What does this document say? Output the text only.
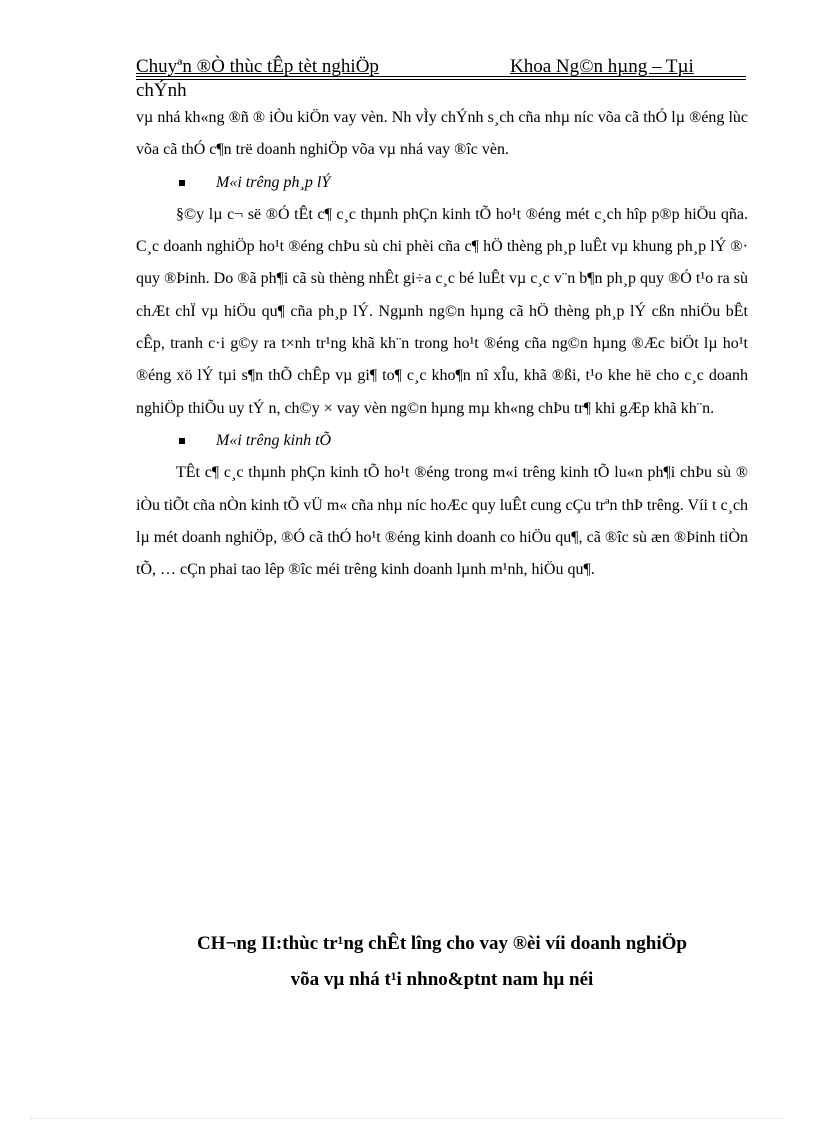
Chuyªn ®Ò thùc tÊp tèt nghiÖp	Khoa Ng©n hµng – Tµi
chÝnh

vµ nhá kh«ng ®ñ ® iÒu kiÖn vay vèn. Nh vÌy chÝnh s¸ch cña nhµ níc võa cã thÓ lµ ®éng lùc võa cã thÓ c¶n trë doanh nghiÖp võa vµ nhá vay ®îc vèn.

M«i trêng ph¸p lÝ

§©y lµ c¬ së ®Ó tÊt c¶ c¸c thµnh phÇn kinh tÕ ho¹t ®éng mét c¸ch hîp p®p hiÖu qña. C¸c doanh nghiÖp ho¹t ®éng chÞu sù chi phèi cña c¶ hÖ thèng ph¸p luÊt vµ khung ph¸p lÝ ®· quy ®Þinh. Do ®ã ph¶i cã sù thèng nhÊt gi÷a c¸c bé luÊt vµ c¸c v¨n b¶n ph¸p quy ®Ó t¹o ra sù chÆt chÏ vµ hiÖu qu¶ cña ph¸p lÝ. Ngµnh ng©n hµng cã hÖ thèng ph¸p lÝ cßn nhiÖu bÊt cÊp, tranh c·i g©y ra t×nh tr¹ng khã kh¨n trong ho¹t ®éng cña ng©n hµng ®Æc biÖt lµ ho¹t ®éng xö lÝ tµi s¶n thÕ chÊp vµ gi¶ to¶ c¸c kho¶n nî xÎu, khã ®ßi, t¹o khe hë cho c¸c doanh nghiÖp thiÕu uy tÝ n, ch©y × vay vèn ng©n hµng mµ kh«ng chÞu tr¶ khi gÆp khã kh¨n.

M«i trêng kinh tÕ

TÊt c¶ c¸c thµnh phÇn kinh tÕ ho¹t ®éng trong m«i trêng kinh tÕ lu«n ph¶i chÞu sù ® iÒu tiÕt cña nÒn kinh tÕ vÜ m« cña nhµ níc hoÆc quy luÊt cung cÇu trªn thÞ trêng. Víi t c¸ch lµ mét doanh nghiÖp, ®Ó cã thÓ ho¹t ®éng kinh doanh co hiÖu qu¶, cã ®îc sù æn ®Þinh tiÒn tÕ, … cÇn phai tao lêp ®îc méi trêng kinh doanh lµnh m¹nh, hiÖu qu¶.

CH¬ng II:thùc tr¹ng chÊt lîng cho vay ®èi víi doanh nghiÖp
võa vµ nhá t¹i nhno&ptnt nam hµ néi
